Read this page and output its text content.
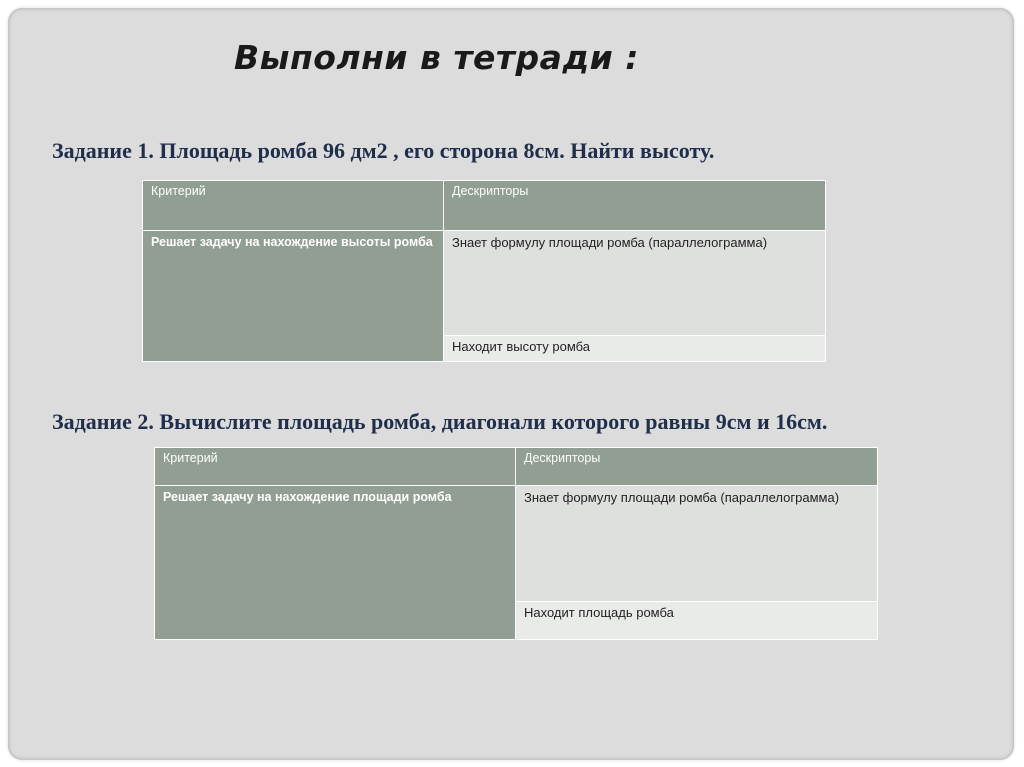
Выполни в тетради :
Задание 1. Площадь ромба 96 дм2 , его сторона 8см. Найти высоту.
Критерий	Дескрипторы
Решает задачу на нахождение высоты ромба	Знает формулу площади ромба (параллелограмма)
	Находит высоту ромба
Задание 2. Вычислите площадь ромба, диагонали которого равны 9см и 16см.
Критерий	Дескрипторы
Решает задачу на нахождение площади ромба	Знает формулу площади ромба (параллелограмма)
	Находит площадь ромба
